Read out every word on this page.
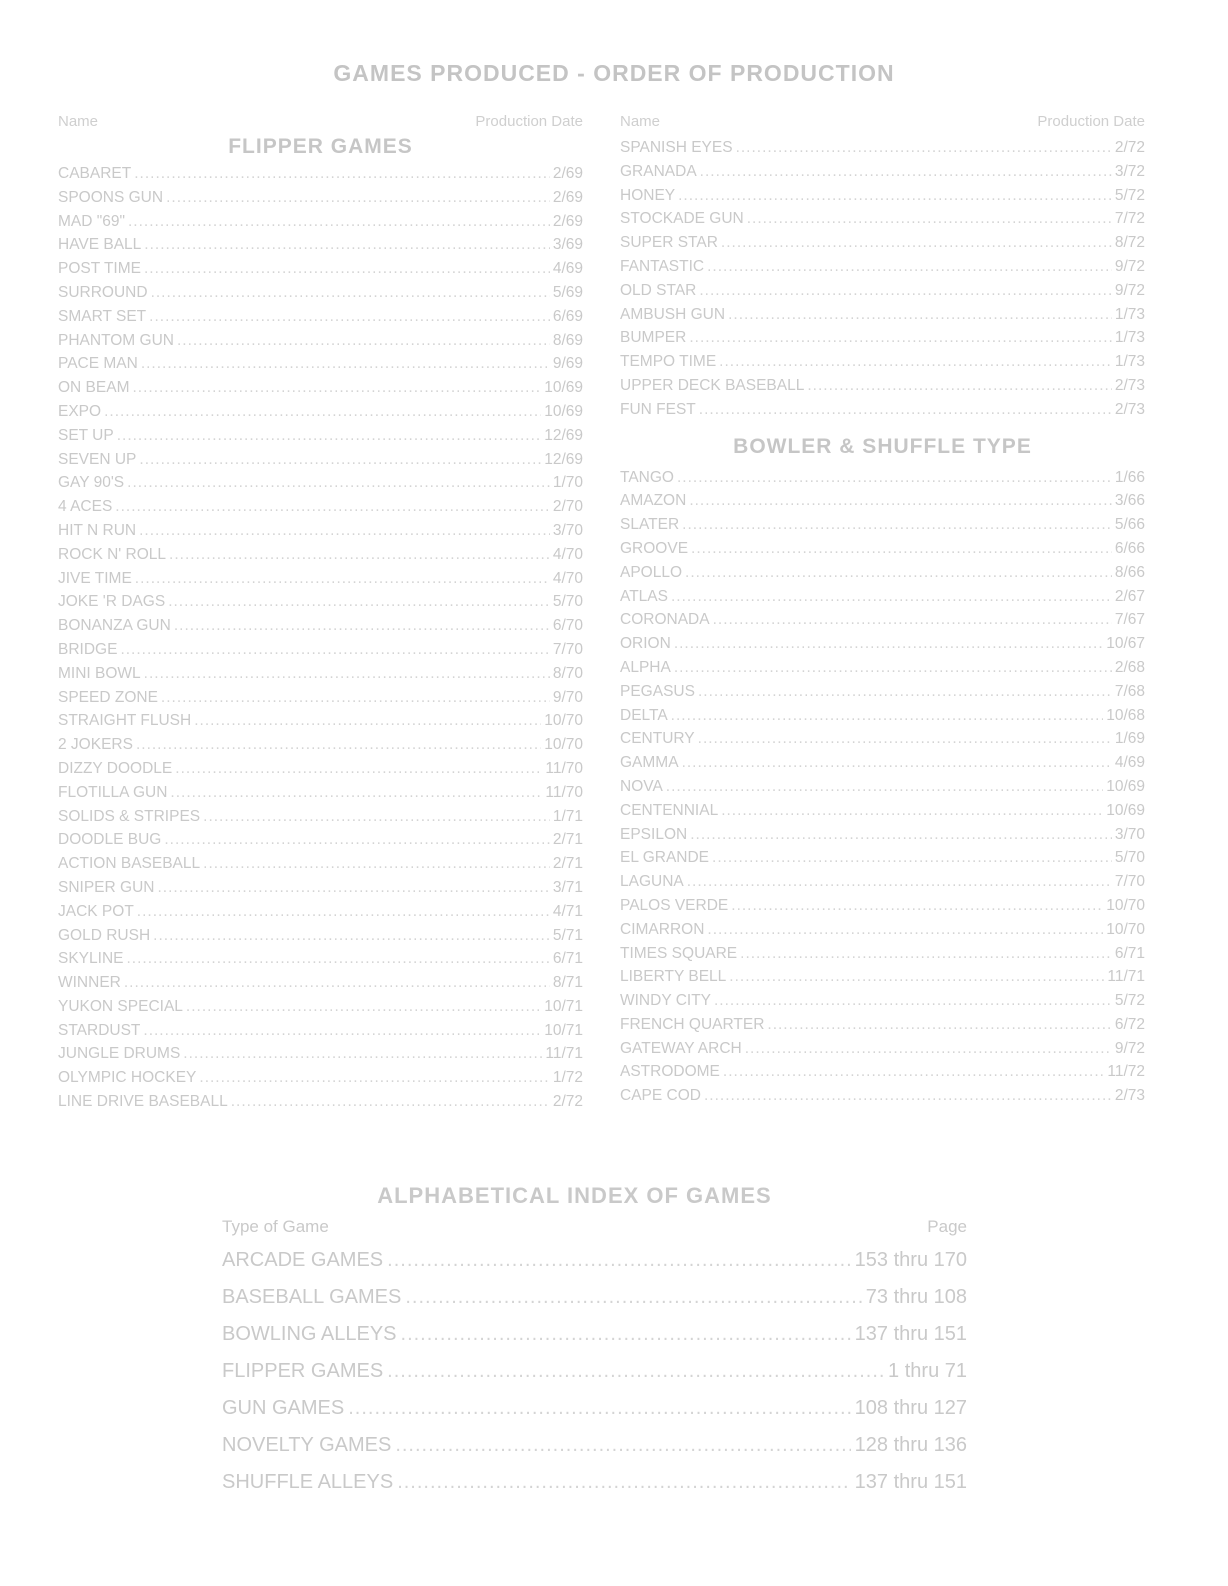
GAMES PRODUCED - ORDER OF PRODUCTION
Name	Production Date
FLIPPER GAMES
CABARET .....	2/69
SPOONS GUN .....	2/69
MAD "69" .....	2/69
HAVE BALL .....	3/69
POST TIME .....	4/69
SURROUND .....	5/69
SMART SET .....	6/69
PHANTOM GUN .....	8/69
PACE MAN .....	9/69
ON BEAM .....	10/69
EXPO .....	10/69
SET UP .....	12/69
SEVEN UP .....	12/69
GAY 90'S .....	1/70
4 ACES .....	2/70
HIT N RUN .....	3/70
ROCK N' ROLL .....	4/70
JIVE TIME .....	4/70
JOKE 'R DAGS .....	5/70
BONANZA GUN .....	6/70
BRIDGE .....	7/70
MINI BOWL .....	8/70
SPEED ZONE .....	9/70
STRAIGHT FLUSH .....	10/70
2 JOKERS .....	10/70
DIZZY DOODLE .....	11/70
FLOTILLA GUN .....	11/70
SOLIDS & STRIPES .....	1/71
DOODLE BUG .....	2/71
ACTION BASEBALL .....	2/71
SNIPER GUN .....	3/71
JACK POT .....	4/71
GOLD RUSH .....	5/71
SKYLINE .....	6/71
WINNER .....	8/71
YUKON SPECIAL .....	10/71
STARDUST .....	10/71
JUNGLE DRUMS .....	11/71
OLYMPIC HOCKEY .....	1/72
LINE DRIVE BASEBALL .....	2/72
Name	Production Date
SPANISH EYES .....	2/72
GRANADA .....	3/72
HONEY .....	5/72
STOCKADE GUN .....	7/72
SUPER STAR .....	8/72
FANTASTIC .....	9/72
OLD STAR .....	9/72
AMBUSH GUN .....	1/73
BUMPER .....	1/73
TEMPO TIME .....	1/73
UPPER DECK BASEBALL .....	2/73
FUN FEST .....	2/73
BOWLER & SHUFFLE TYPE
TANGO .....	1/66
AMAZON .....	3/66
SLATER .....	5/66
GROOVE .....	6/66
APOLLO .....	8/66
ATLAS .....	2/67
CORONADA .....	7/67
ORION .....	10/67
ALPHA .....	2/68
PEGASUS .....	7/68
DELTA .....	10/68
CENTURY .....	1/69
GAMMA .....	4/69
NOVA .....	10/69
CENTENNIAL .....	10/69
EPSILON .....	3/70
EL GRANDE .....	5/70
LAGUNA .....	7/70
PALOS VERDE .....	10/70
CIMARRON .....	10/70
TIMES SQUARE .....	6/71
LIBERTY BELL .....	11/71
WINDY CITY .....	5/72
FRENCH QUARTER .....	6/72
GATEWAY ARCH .....	9/72
ASTRODOME .....	11/72
CAPE COD .....	2/73
ALPHABETICAL INDEX OF GAMES
Type of Game	Page
ARCADE GAMES .....	153 thru 170
BASEBALL GAMES .....	73 thru 108
BOWLING ALLEYS .....	137 thru 151
FLIPPER GAMES .....	1 thru 71
GUN GAMES .....	108 thru 127
NOVELTY GAMES .....	128 thru 136
SHUFFLE ALLEYS .....	137 thru 151
